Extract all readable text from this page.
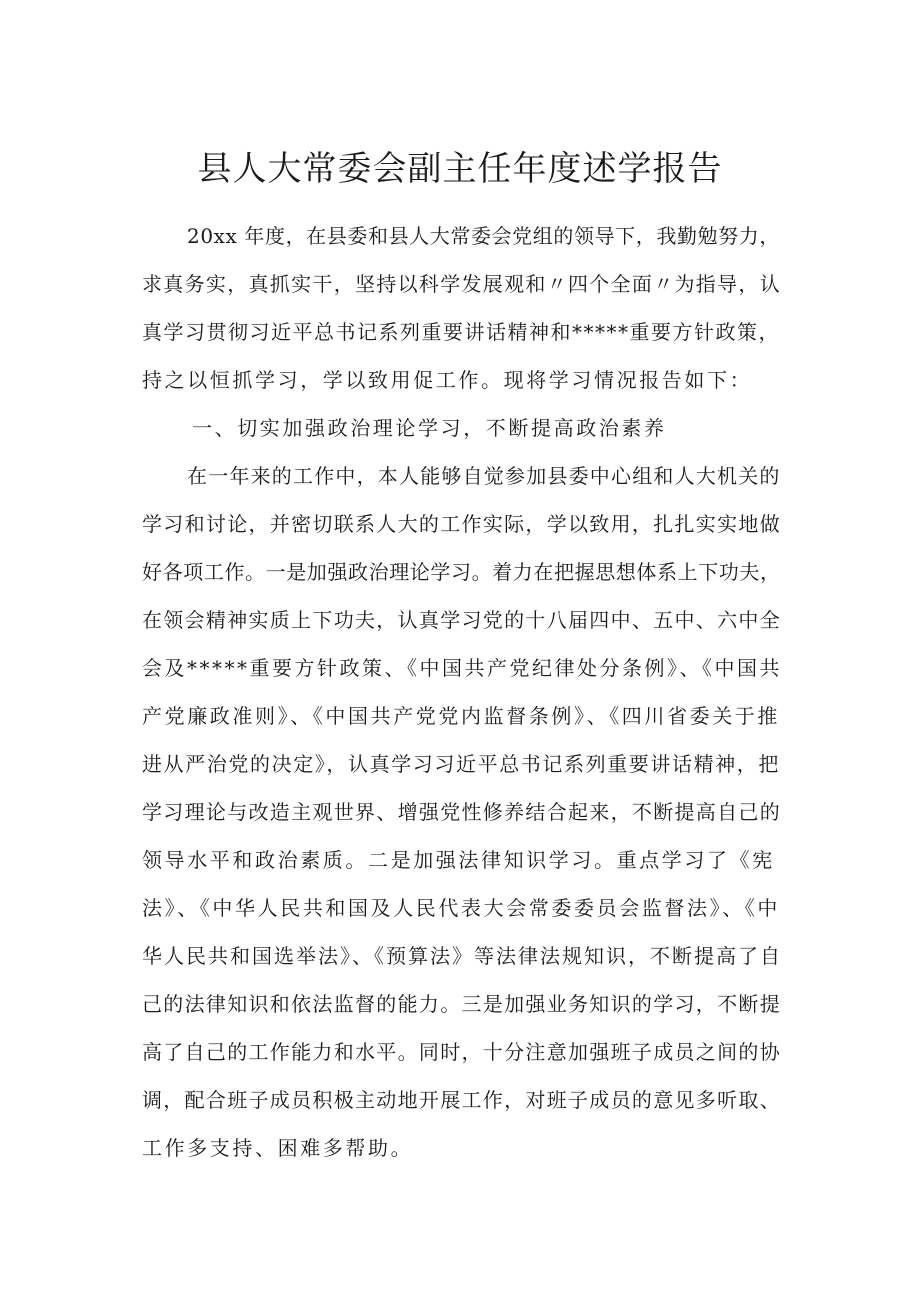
县人大常委会副主任年度述学报告
20xx 年度，在县委和县人大常委会党组的领导下，我勤勉努力，
求真务实，真抓实干，坚持以科学发展观和〃四个全面〃为指导，认
真学习贯彻习近平总书记系列重要讲话精神和*****重要方针政策，
持之以恒抓学习，学以致用促工作。现将学习情况报告如下：
一、切实加强政治理论学习，不断提高政治素养
在一年来的工作中，本人能够自觉参加县委中心组和人大机关的
学习和讨论，并密切联系人大的工作实际，学以致用，扎扎实实地做
好各项工作。一是加强政治理论学习。着力在把握思想体系上下功夫，
在领会精神实质上下功夫，认真学习党的十八届四中、五中、六中全
会及*****重要方针政策、《中国共产党纪律处分条例》、《中国共
产党廉政准则》、《中国共产党党内监督条例》、《四川省委关于推
进从严治党的决定》，认真学习习近平总书记系列重要讲话精神，把
学习理论与改造主观世界、增强党性修养结合起来，不断提高自己的
领导水平和政治素质。二是加强法律知识学习。重点学习了《宪
法》、《中华人民共和国及人民代表大会常委委员会监督法》、《中
华人民共和国选举法》、《预算法》等法律法规知识，不断提高了自
己的法律知识和依法监督的能力。三是加强业务知识的学习，不断提
高了自己的工作能力和水平。同时，十分注意加强班子成员之间的协
调，配合班子成员积极主动地开展工作，对班子成员的意见多听取、
工作多支持、困难多帮助。
